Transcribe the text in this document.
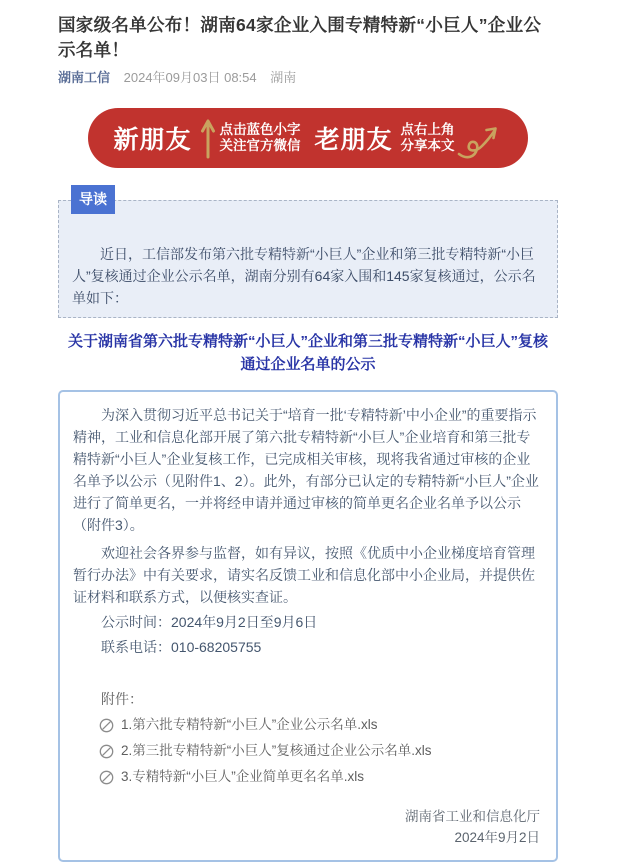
国家级名单公布！湖南64家企业入围专精特新“小巨人”企业公示名单！
湖南工信 2024年09月03日 08:54 湖南
新朋友 点击蓝色小字
关注官方微信 老朋友 点右上角
分享本文
导读

近日，工信部发布第六批专精特新“小巨人”企业和第三批专精特新“小巨人”复核通过企业公示名单，湖南分别有64家入围和145家复核通过，公示名单如下：

关于湖南省第六批专精特新“小巨人”企业和第三批专精特新“小巨人”复核通过企业名单的公示

为深入贯彻习近平总书记关于“培育一批‘专精特新’中小企业”的重要指示精神，工业和信息化部开展了第六批专精特新“小巨人”企业培育和第三批专精特新“小巨人”企业复核工作，已完成相关审核，现将我省通过审核的企业名单予以公示（见附件1、2）。此外，有部分已认定的专精特新“小巨人”企业进行了简单更名，一并将经申请并通过审核的简单更名企业名单予以公示（附件3）。

欢迎社会各界参与监督，如有异议，按照《优质中小企业梯度培育管理暂行办法》中有关要求，请实名反馈工业和信息化部中小企业局，并提供佐证材料和联系方式，以便核实查证。

公示时间：2024年9月2日至9月6日
联系电话：010-68205755
附件：
1.第六批专精特新“小巨人”企业公示名单.xls
2.第三批专精特新“小巨人”复核通过企业公示名单.xls
3.专精特新“小巨人”企业简单更名名单.xls
湖南省工业和信息化厅
2024年9月2日
